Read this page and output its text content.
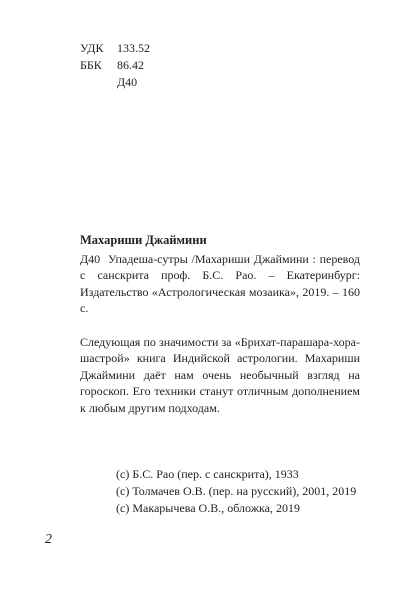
УДК	133.52
ББК	86.42
Д40
Махариши Джаймини

Д40 Упадеша-сутры /Махариши Джаймини : перевод с санскрита проф. Б.С. Рао. – Екатеринбург: Издательство «Астрологическая мозаика», 2019. – 160 с.

Следующая по значимости за «Брихат-парашара-хора-шастрой» книга Индийской астрологии. Махариши Джаймини даёт нам очень необычный взгляд на гороскоп. Его техники станут отличным дополнением к любым другим подходам.

(с) Б.С. Рао (пер. с санскрита), 1933
(с) Толмачев О.В. (пер. на русский), 2001, 2019
(с) Макарычева О.В., обложка, 2019
2
